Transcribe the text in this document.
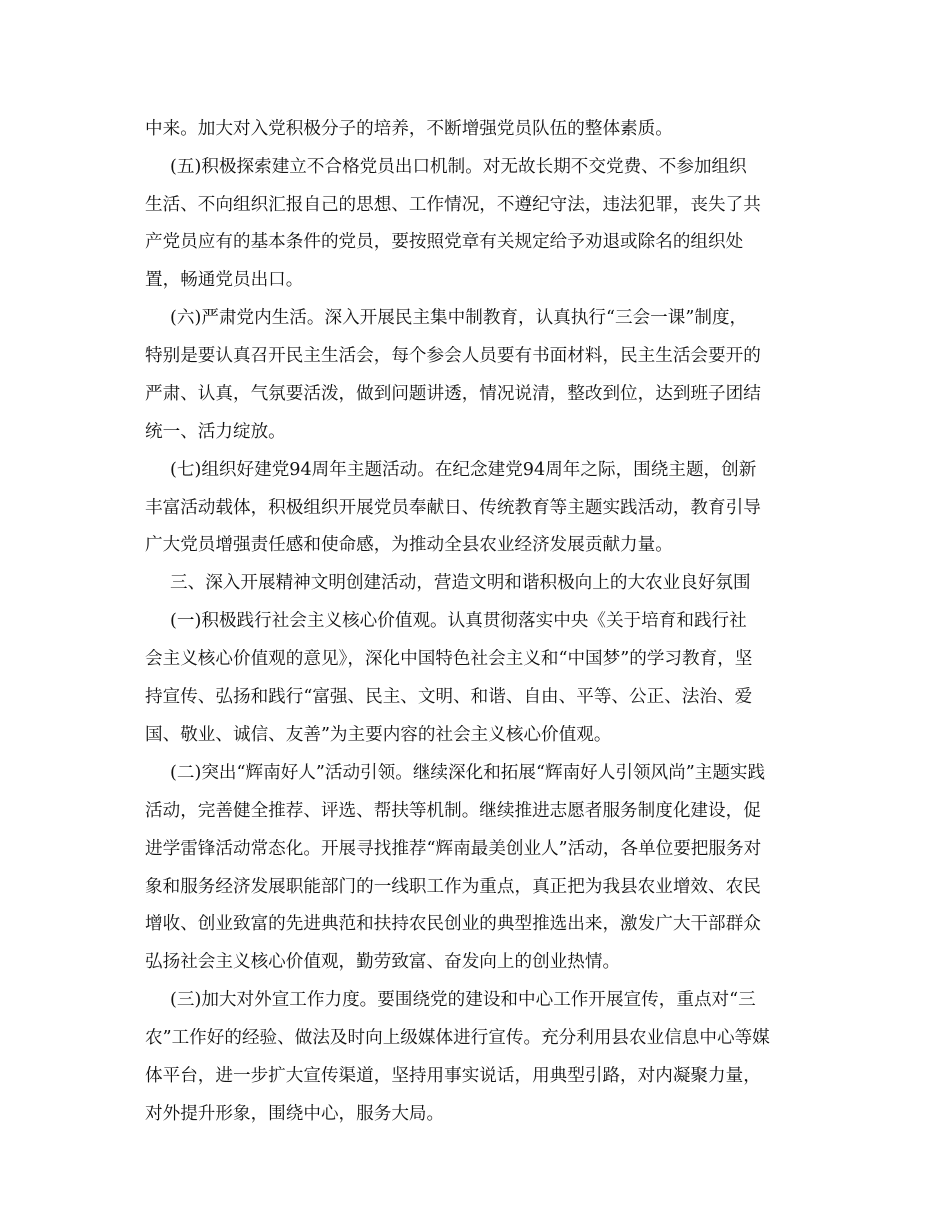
中来。加大对入党积极分子的培养，不断增强党员队伍的整体素质。

(五)积极探索建立不合格党员出口机制。对无故长期不交党费、不参加组织

生活、不向组织汇报自己的思想、工作情况，不遵纪守法，违法犯罪，丧失了共

产党员应有的基本条件的党员，要按照党章有关规定给予劝退或除名的组织处

置，畅通党员出口。

(六)严肃党内生活。深入开展民主集中制教育，认真执行“三会一课”制度，

特别是要认真召开民主生活会，每个参会人员要有书面材料，民主生活会要开的

严肃、认真，气氛要活泼，做到问题讲透，情况说清，整改到位，达到班子团结

统一、活力绽放。

(七)组织好建党94周年主题活动。在纪念建党94周年之际，围绕主题，创新

丰富活动载体，积极组织开展党员奉献日、传统教育等主题实践活动，教育引导

广大党员增强责任感和使命感，为推动全县农业经济发展贡献力量。

三、深入开展精神文明创建活动，营造文明和谐积极向上的大农业良好氛围

(一)积极践行社会主义核心价值观。认真贯彻落实中央《关于培育和践行社

会主义核心价值观的意见》，深化中国特色社会主义和“中国梦”的学习教育，坚

持宣传、弘扬和践行“富强、民主、文明、和谐、自由、平等、公正、法治、爱

国、敬业、诚信、友善”为主要内容的社会主义核心价值观。

(二)突出“辉南好人”活动引领。继续深化和拓展“辉南好人引领风尚”主题实践

活动，完善健全推荐、评选、帮扶等机制。继续推进志愿者服务制度化建设，促

进学雷锋活动常态化。开展寻找推荐“辉南最美创业人”活动，各单位要把服务对

象和服务经济发展职能部门的一线职工作为重点，真正把为我县农业增效、农民

增收、创业致富的先进典范和扶持农民创业的典型推选出来，激发广大干部群众

弘扬社会主义核心价值观，勤劳致富、奋发向上的创业热情。

(三)加大对外宣工作力度。要围绕党的建设和中心工作开展宣传，重点对“三

农”工作好的经验、做法及时向上级媒体进行宣传。充分利用县农业信息中心等媒

体平台，进一步扩大宣传渠道，坚持用事实说话，用典型引路，对内凝聚力量，

对外提升形象，围绕中心，服务大局。
